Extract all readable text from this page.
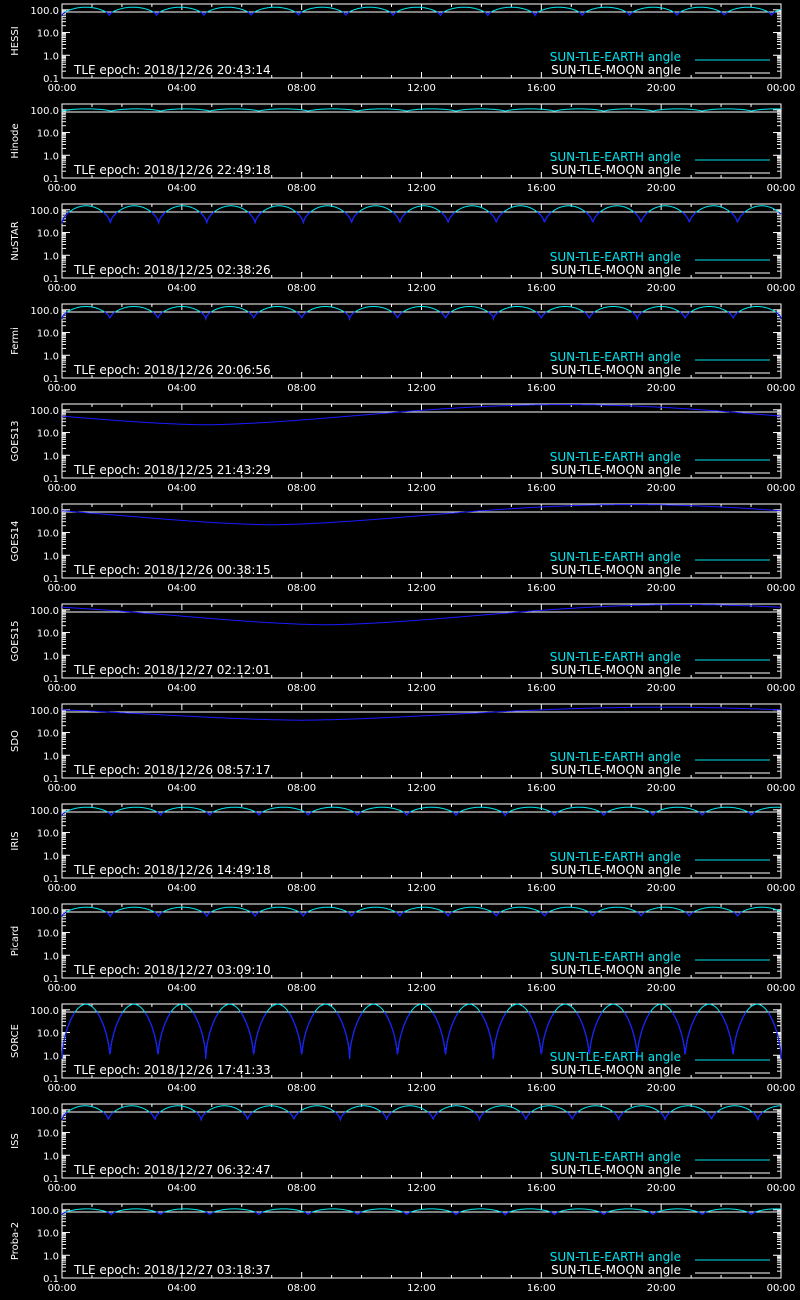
100.0
10.0
1.0
0.1
00:00	04:00	08:00	12:00	16:00	20:00	00:00
HESSI
TLE epoch: 2018/12/26 20:43:14
SUN-TLE-EARTH angle
SUN-TLE-MOON angle
100.0
10.0
1.0
0.1
00:00	04:00	08:00	12:00	16:00	20:00	00:00
Hinode
TLE epoch: 2018/12/26 22:49:18
SUN-TLE-EARTH angle
SUN-TLE-MOON angle
100.0
10.0
1.0
0.1
00:00	04:00	08:00	12:00	16:00	20:00	00:00
NuSTAR
TLE epoch: 2018/12/25 02:38:26
SUN-TLE-EARTH angle
SUN-TLE-MOON angle
100.0
10.0
1.0
0.1
00:00	04:00	08:00	12:00	16:00	20:00	00:00
Fermi
TLE epoch: 2018/12/26 20:06:56
SUN-TLE-EARTH angle
SUN-TLE-MOON angle
100.0
10.0
1.0
0.1
00:00	04:00	08:00	12:00	16:00	20:00	00:00
GOES13
TLE epoch: 2018/12/25 21:43:29
SUN-TLE-EARTH angle
SUN-TLE-MOON angle
100.0
10.0
1.0
0.1
00:00	04:00	08:00	12:00	16:00	20:00	00:00
GOES14
TLE epoch: 2018/12/26 00:38:15
SUN-TLE-EARTH angle
SUN-TLE-MOON angle
100.0
10.0
1.0
0.1
00:00	04:00	08:00	12:00	16:00	20:00	00:00
GOES15
TLE epoch: 2018/12/27 02:12:01
SUN-TLE-EARTH angle
SUN-TLE-MOON angle
100.0
10.0
1.0
0.1
00:00	04:00	08:00	12:00	16:00	20:00	00:00
SDO
TLE epoch: 2018/12/26 08:57:17
SUN-TLE-EARTH angle
SUN-TLE-MOON angle
100.0
10.0
1.0
0.1
00:00	04:00	08:00	12:00	16:00	20:00	00:00
IRIS
TLE epoch: 2018/12/26 14:49:18
SUN-TLE-EARTH angle
SUN-TLE-MOON angle
100.0
10.0
1.0
0.1
00:00	04:00	08:00	12:00	16:00	20:00	00:00
Picard
TLE epoch: 2018/12/27 03:09:10
SUN-TLE-EARTH angle
SUN-TLE-MOON angle
100.0
10.0
1.0
0.1
00:00	04:00	08:00	12:00	16:00	20:00	00:00
SORCE
TLE epoch: 2018/12/26 17:41:33
SUN-TLE-EARTH angle
SUN-TLE-MOON angle
100.0
10.0
1.0
0.1
00:00	04:00	08:00	12:00	16:00	20:00	00:00
ISS
TLE epoch: 2018/12/27 06:32:47
SUN-TLE-EARTH angle
SUN-TLE-MOON angle
100.0
10.0
1.0
0.1
00:00	04:00	08:00	12:00	16:00	20:00	00:00
Proba-2
TLE epoch: 2018/12/27 03:18:37
SUN-TLE-EARTH angle
SUN-TLE-MOON angle
